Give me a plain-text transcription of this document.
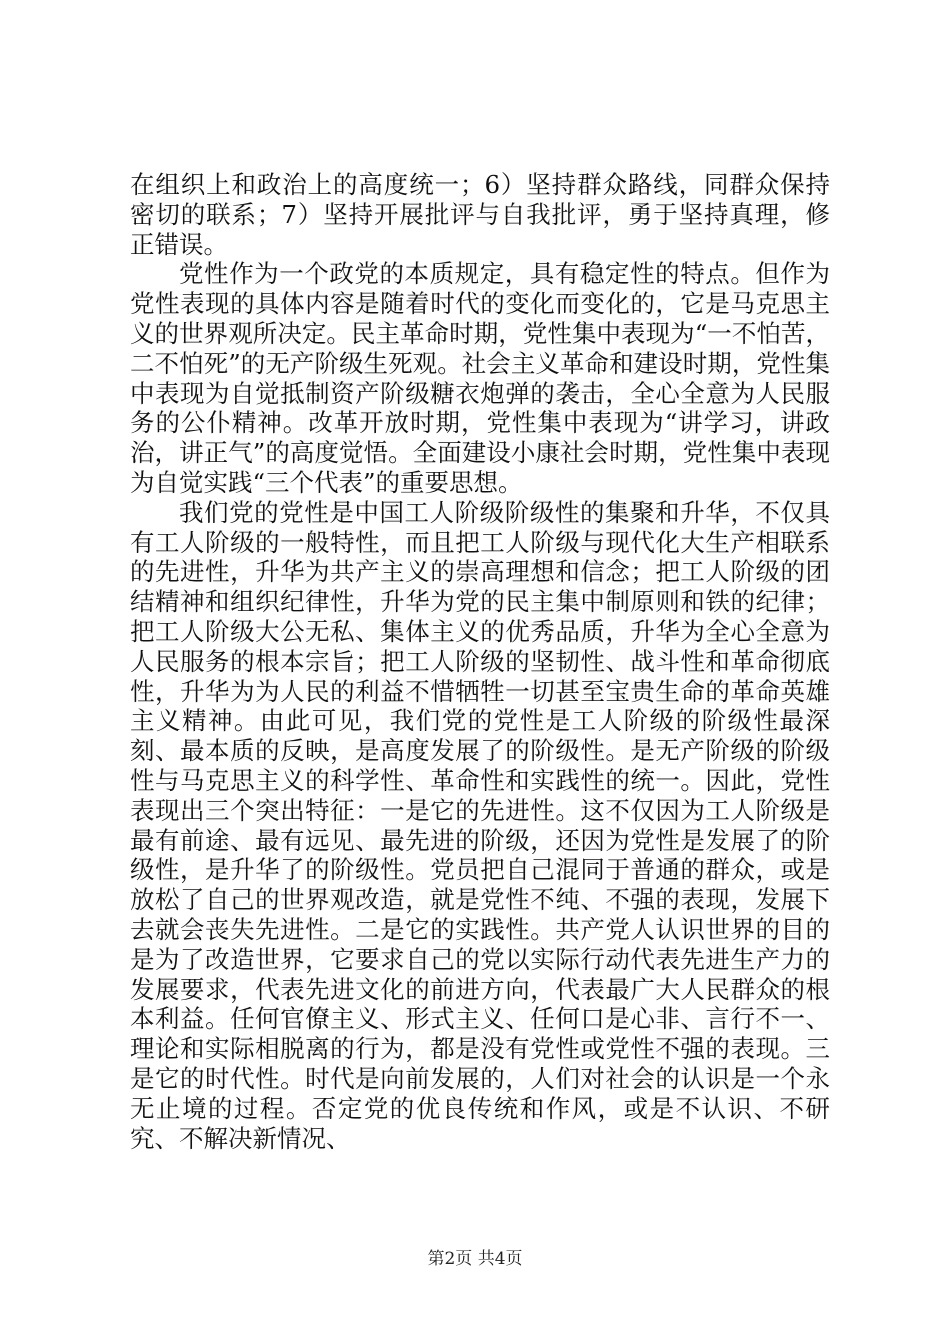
在组织上和政治上的高度统一；6）坚持群众路线，同群众保持密切的联系；7）坚持开展批评与自我批评，勇于坚持真理，修正错误。

党性作为一个政党的本质规定，具有稳定性的特点。但作为党性表现的具体内容是随着时代的变化而变化的，它是马克思主义的世界观所决定。民主革命时期，党性集中表现为“一不怕苦，二不怕死”的无产阶级生死观。社会主义革命和建设时期，党性集中表现为自觉抵制资产阶级糖衣炮弹的袭击，全心全意为人民服务的公仆精神。改革开放时期，党性集中表现为“讲学习，讲政治，讲正气”的高度觉悟。全面建设小康社会时期，党性集中表现为自觉实践“三个代表”的重要思想。

我们党的党性是中国工人阶级阶级性的集聚和升华，不仅具有工人阶级的一般特性，而且把工人阶级与现代化大生产相联系的先进性，升华为共产主义的崇高理想和信念；把工人阶级的团结精神和组织纪律性，升华为党的民主集中制原则和铁的纪律；把工人阶级大公无私、集体主义的优秀品质，升华为全心全意为人民服务的根本宗旨；把工人阶级的坚韧性、战斗性和革命彻底性，升华为为人民的利益不惜牺牲一切甚至宝贵生命的革命英雄主义精神。由此可见，我们党的党性是工人阶级的阶级性最深刻、最本质的反映，是高度发展了的阶级性。是无产阶级的阶级性与马克思主义的科学性、革命性和实践性的统一。因此，党性表现出三个突出特征：一是它的先进性。这不仅因为工人阶级是最有前途、最有远见、最先进的阶级，还因为党性是发展了的阶级性，是升华了的阶级性。党员把自己混同于普通的群众，或是放松了自己的世界观改造，就是党性不纯、不强的表现，发展下去就会丧失先进性。二是它的实践性。共产党人认识世界的目的是为了改造世界，它要求自己的党以实际行动代表先进生产力的发展要求，代表先进文化的前进方向，代表最广大人民群众的根本利益。任何官僚主义、形式主义、任何口是心非、言行不一、理论和实际相脱离的行为，都是没有党性或党性不强的表现。三是它的时代性。时代是向前发展的，人们对社会的认识是一个永无止境的过程。否定党的优良传统和作风，或是不认识、不研究、不解决新情况、

第2页 共4页
